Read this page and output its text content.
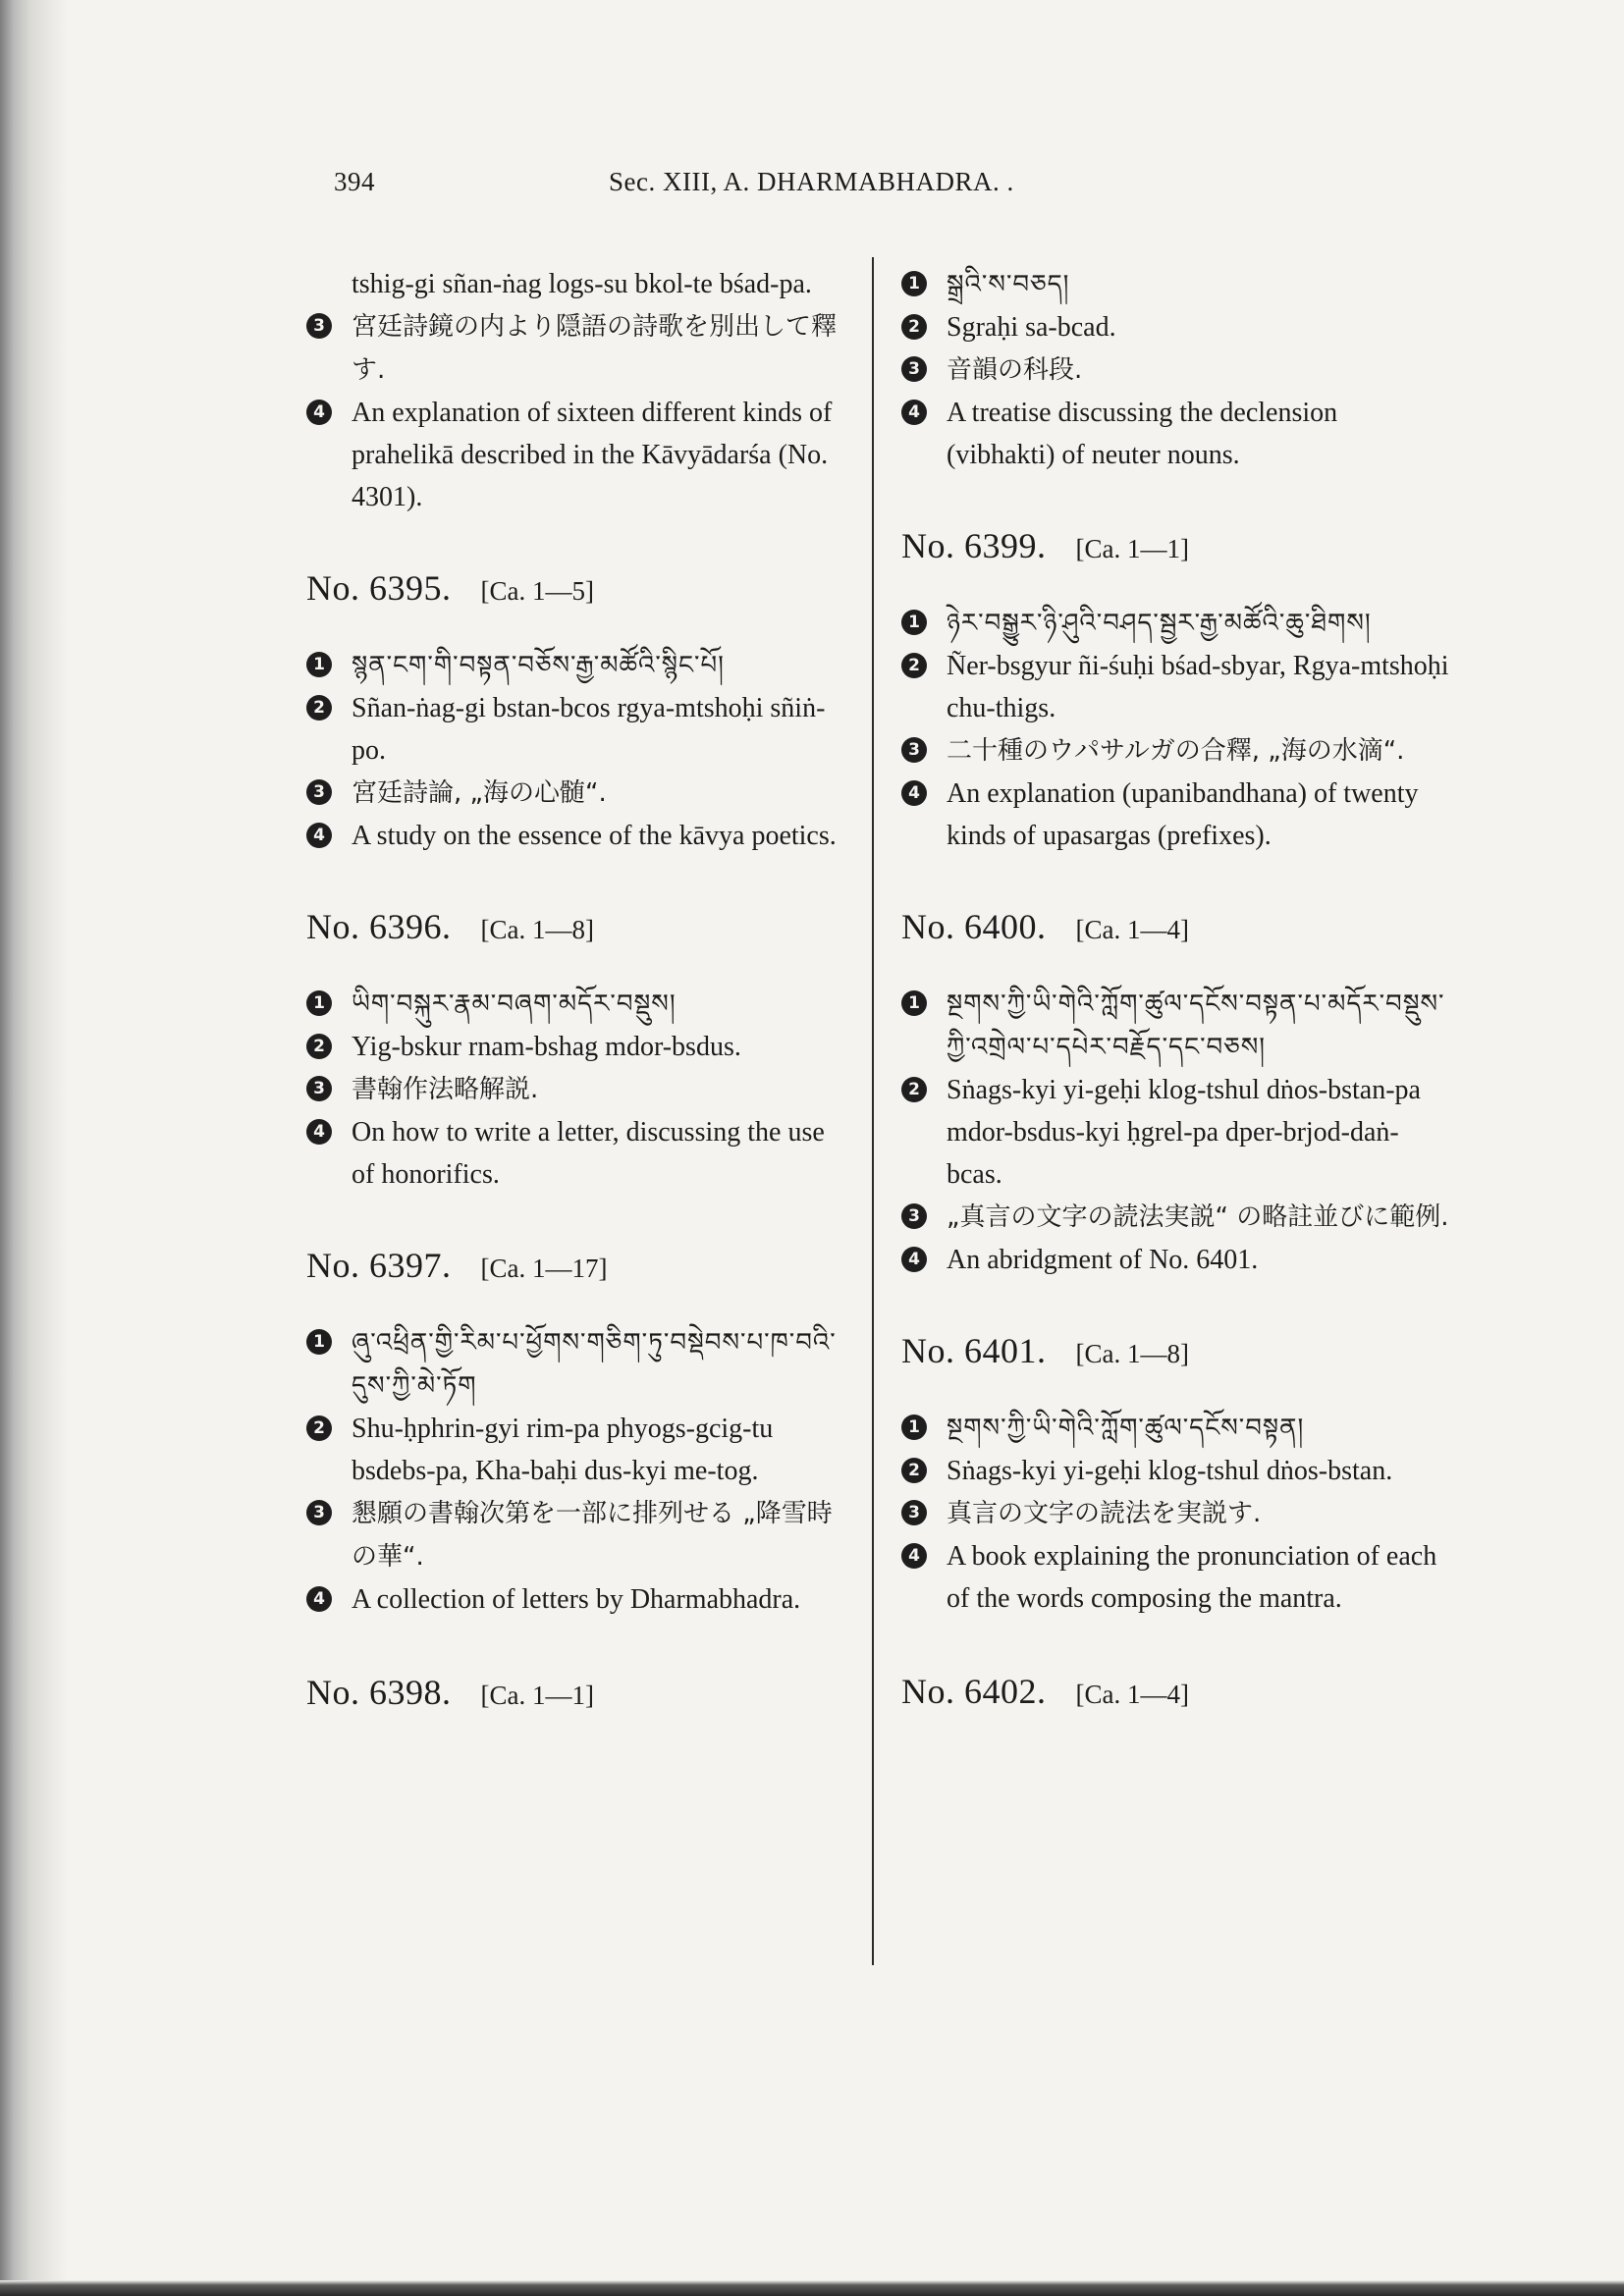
394	Sec. XIII, A. DHARMABHADRA. .
tshig-gi sñan-ṅag logs-su bkol-te bśad-pa.
3 宮廷詩鏡の内より隠語の詩歌を別出して釋す.
4 An explanation of sixteen different kinds of prahelikā described in the Kāvyādarśa (No. 4301).
No. 6395. [Ca. 1—5]
1 སྙན་ངག་གི་བསྟན་བཅོས་རྒྱ་མཚོའི་སྙིང་པོ།
2 Sñan-ṅag-gi bstan-bcos rgya-mtshoḥi sñiṅ-po.
3 宮廷詩論, „海の心髄“.
4 A study on the essence of the kāvya poetics.
No. 6396. [Ca. 1—8]
1 ཡིག་བསྐུར་རྣམ་བཞག་མདོར་བསྡུས།
2 Yig-bskur rnam-bshag mdor-bsdus.
3 書翰作法略解説.
4 On how to write a letter, discussing the use of honorifics.
No. 6397. [Ca. 1—17]
1 ཞུ་འཕྲིན་གྱི་རིམ་པ་ཕྱོགས་གཅིག་ཏུ་བསྡེབས་པ་ཁ་བའི་དུས་ཀྱི་མེ་ཏོག
2 Shu-ḥphrin-gyi rim-pa phyogs-gcig-tu bsdebs-pa, Kha-baḥi dus-kyi me-tog.
3 懇願の書翰次第を一部に排列せる „降雪時の華“.
4 A collection of letters by Dharmabhadra.
No. 6398. [Ca. 1—1]
1 སྒྲའི་ས་བཅད།
2 Sgraḥi sa-bcad.
3 音韻の科段.
4 A treatise discussing the declension (vibhakti) of neuter nouns.
No. 6399. [Ca. 1—1]
1 ཉེར་བསྒྱུར་ཉི་ཤུའི་བཤད་སྦྱར་རྒྱ་མཚོའི་ཆུ་ཐིགས།
2 Ñer-bsgyur ñi-śuḥi bśad-sbyar, Rgya-mtshoḥi chu-thigs.
3 二十種のウパサルガの合釋, „海の水滴“.
4 An explanation (upanibandhana) of twenty kinds of upasargas (prefixes).
No. 6400. [Ca. 1—4]
1 སྔགས་ཀྱི་ཡི་གེའི་ཀློག་ཚུལ་དངོས་བསྟན་པ་མདོར་བསྡུས་ཀྱི་འགྲེལ་པ་དཔེར་བརྗོད་དང་བཅས།
2 Sṅags-kyi yi-geḥi klog-tshul dṅos-bstan-pa mdor-bsdus-kyi ḥgrel-pa dper-brjod-daṅ-bcas.
3 „真言の文字の読法実説“ の略註並びに範例.
4 An abridgment of No. 6401.
No. 6401. [Ca. 1—8]
1 སྔགས་ཀྱི་ཡི་གེའི་ཀློག་ཚུལ་དངོས་བསྟན།
2 Sṅags-kyi yi-geḥi klog-tshul dṅos-bstan.
3 真言の文字の読法を実説す.
4 A book explaining the pronunciation of each of the words composing the mantra.
No. 6402. [Ca. 1—4]
